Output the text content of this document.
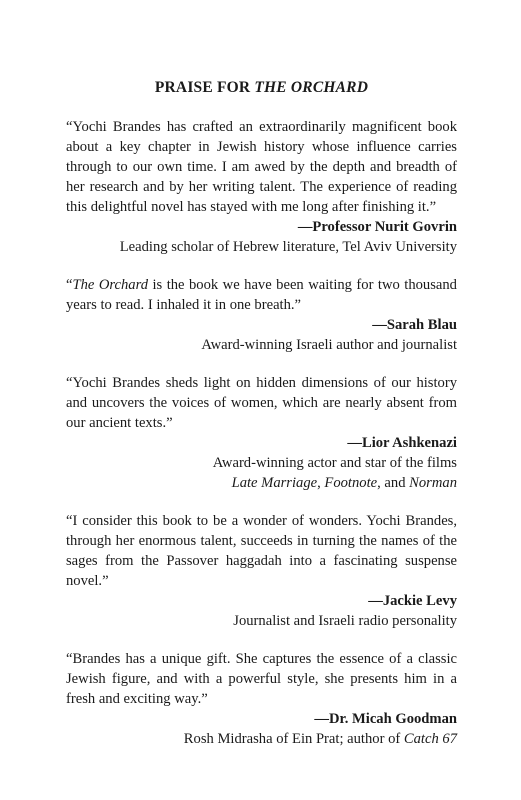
PRAISE FOR THE ORCHARD

“Yochi Brandes has crafted an extraordinarily magnificent book about a key chapter in Jewish history whose influence carries through to our own time. I am awed by the depth and breadth of her research and by her writing talent. The experience of reading this delightful novel has stayed with me long after finishing it.”

—Professor Nurit Govrin

Leading scholar of Hebrew literature, Tel Aviv University

“The Orchard is the book we have been waiting for two thousand years to read. I inhaled it in one breath.”

—Sarah Blau

Award-winning Israeli author and journalist

“Yochi Brandes sheds light on hidden dimensions of our history and uncovers the voices of women, which are nearly absent from our ancient texts.”

—Lior Ashkenazi

Award-winning actor and star of the films

Late Marriage, Footnote, and Norman

“I consider this book to be a wonder of wonders. Yochi Brandes, through her enormous talent, succeeds in turning the names of the sages from the Passover haggadah into a fascinating suspense novel.”

—Jackie Levy

Journalist and Israeli radio personality

“Brandes has a unique gift. She captures the essence of a classic Jewish figure, and with a powerful style, she presents him in a fresh and exciting way.”

—Dr. Micah Goodman

Rosh Midrasha of Ein Prat; author of Catch 67
